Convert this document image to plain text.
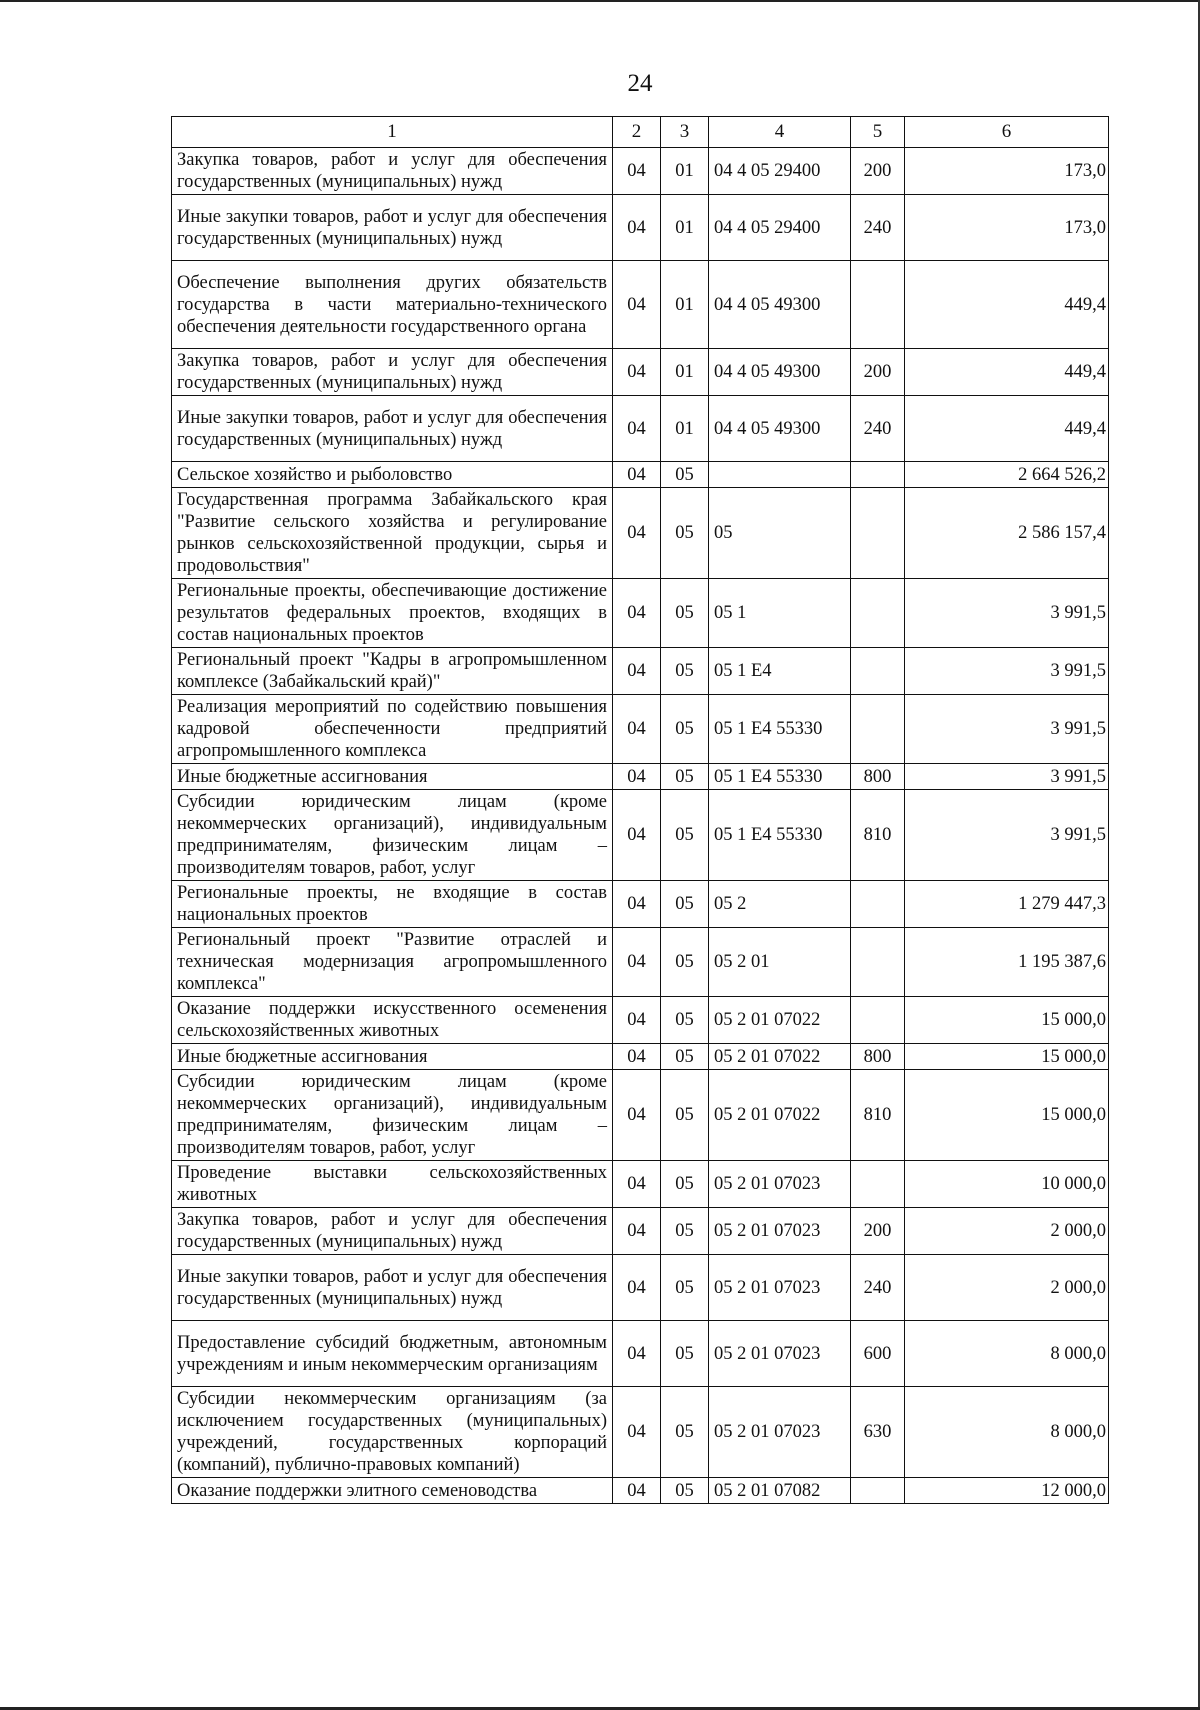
24
1	2	3	4	5	6
Закупка товаров, работ и услуг для обеспечения государственных (муниципальных) нужд	04	01	04 4 05 29400	200	173,0
Иные закупки товаров, работ и услуг для обеспечения государственных (муниципальных) нужд	04	01	04 4 05 29400	240	173,0
Обеспечение выполнения других обязательств государства в части материально-технического обеспечения деятельности государственного органа	04	01	04 4 05 49300		449,4
Закупка товаров, работ и услуг для обеспечения государственных (муниципальных) нужд	04	01	04 4 05 49300	200	449,4
Иные закупки товаров, работ и услуг для обеспечения государственных (муниципальных) нужд	04	01	04 4 05 49300	240	449,4
Сельское хозяйство и рыболовство	04	05			2 664 526,2
Государственная программа Забайкальского края "Развитие сельского хозяйства и регулирование рынков сельскохозяйственной продукции, сырья и продовольствия"	04	05	05		2 586 157,4
Региональные проекты, обеспечивающие достижение результатов федеральных проектов, входящих в состав национальных проектов	04	05	05 1		3 991,5
Региональный проект "Кадры в агропромышленном комплексе (Забайкальский край)"	04	05	05 1 E4		3 991,5
Реализация мероприятий по содействию повышения кадровой обеспеченности предприятий агропромышленного комплекса	04	05	05 1 E4 55330		3 991,5
Иные бюджетные ассигнования	04	05	05 1 E4 55330	800	3 991,5
Субсидии юридическим лицам (кроме некоммерческих организаций), индивидуальным предпринимателям, физическим лицам – производителям товаров, работ, услуг	04	05	05 1 E4 55330	810	3 991,5
Региональные проекты, не входящие в состав национальных проектов	04	05	05 2		1 279 447,3
Региональный проект "Развитие отраслей и техническая модернизация агропромышленного комплекса"	04	05	05 2 01		1 195 387,6
Оказание поддержки искусственного осеменения сельскохозяйственных животных	04	05	05 2 01 07022		15 000,0
Иные бюджетные ассигнования	04	05	05 2 01 07022	800	15 000,0
Субсидии юридическим лицам (кроме некоммерческих организаций), индивидуальным предпринимателям, физическим лицам – производителям товаров, работ, услуг	04	05	05 2 01 07022	810	15 000,0
Проведение выставки сельскохозяйственных животных	04	05	05 2 01 07023		10 000,0
Закупка товаров, работ и услуг для обеспечения государственных (муниципальных) нужд	04	05	05 2 01 07023	200	2 000,0
Иные закупки товаров, работ и услуг для обеспечения государственных (муниципальных) нужд	04	05	05 2 01 07023	240	2 000,0
Предоставление субсидий бюджетным, автономным учреждениям и иным некоммерческим организациям	04	05	05 2 01 07023	600	8 000,0
Субсидии некоммерческим организациям (за исключением государственных (муниципальных) учреждений, государственных корпораций (компаний), публично-правовых компаний)	04	05	05 2 01 07023	630	8 000,0
Оказание поддержки элитного семеноводства	04	05	05 2 01 07082		12 000,0
